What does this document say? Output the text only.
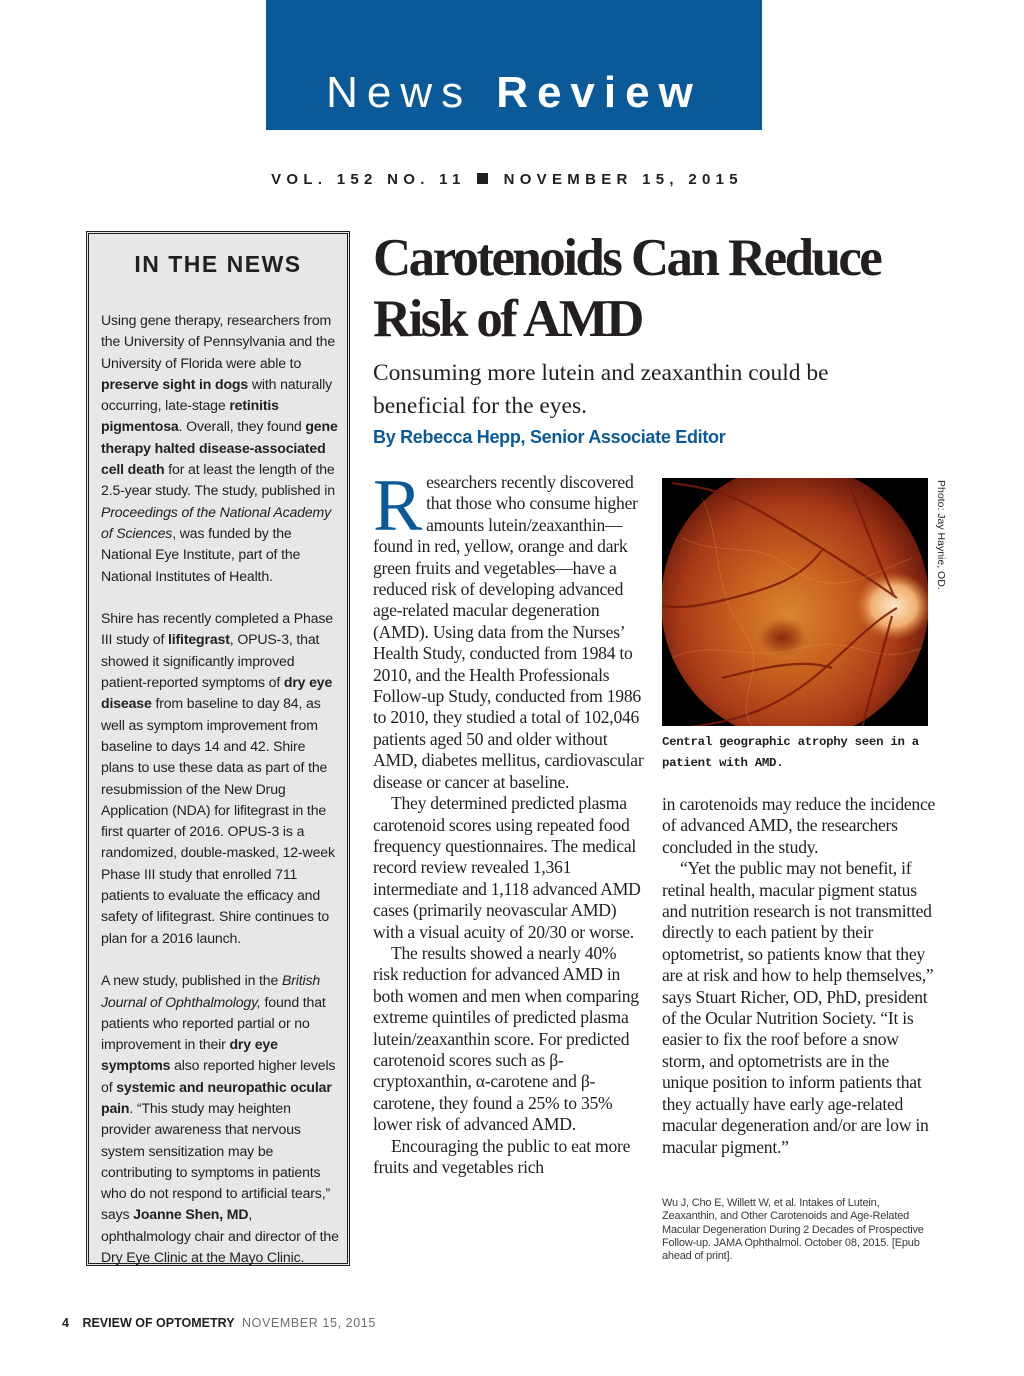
News Review
VOL. 152 NO. 11	NOVEMBER 15, 2015
IN THE NEWS

Using gene therapy, researchers from the University of Pennsylvania and the University of Florida were able to preserve sight in dogs with naturally occurring, late-stage retinitis pigmentosa. Overall, they found gene therapy halted disease-associated cell death for at least the length of the 2.5-year study. The study, published in Proceedings of the National Academy of Sciences, was funded by the National Eye Institute, part of the National Institutes of Health.

Shire has recently completed a Phase III study of lifitegrast, OPUS-3, that showed it significantly improved patient-reported symptoms of dry eye disease from baseline to day 84, as well as symptom improvement from baseline to days 14 and 42. Shire plans to use these data as part of the resubmission of the New Drug Application (NDA) for lifitegrast in the first quarter of 2016. OPUS-3 is a randomized, double-masked, 12-week Phase III study that enrolled 711 patients to evaluate the efficacy and safety of lifitegrast. Shire continues to plan for a 2016 launch.

A new study, published in the British Journal of Ophthalmology, found that patients who reported partial or no improvement in their dry eye symptoms also reported higher levels of systemic and neuropathic ocular pain. “This study may heighten provider awareness that nervous system sensitization may be contributing to symptoms in patients who do not respond to artificial tears,” says Joanne Shen, MD, ophthalmology chair and director of the Dry Eye Clinic at the Mayo Clinic.

Carotenoids Can Reduce
Risk of AMD

Consuming more lutein and zeaxanthin could be
beneficial for the eyes.

By Rebecca Hepp, Senior Associate Editor

Researchers recently discovered that those who consume higher amounts lutein/zeaxanthin—found in red, yellow, orange and dark green fruits and vegetables—have a reduced risk of developing advanced age-related macular degeneration (AMD). Using data from the Nurses’ Health Study, conducted from 1984 to 2010, and the Health Professionals Follow-up Study, conducted from 1986 to 2010, they studied a total of 102,046 patients aged 50 and older without AMD, diabetes mellitus, cardiovascular disease or cancer at baseline.

They determined predicted plasma carotenoid scores using repeated food frequency questionnaires. The medical record review revealed 1,361 intermediate and 1,118 advanced AMD cases (primarily neovascular AMD) with a visual acuity of 20/30 or worse.

The results showed a nearly 40% risk reduction for advanced AMD in both women and men when comparing extreme quintiles of predicted plasma lutein/zeaxanthin score. For predicted carotenoid scores such as β-cryptoxanthin, α-carotene and β-carotene, they found a 25% to 35% lower risk of advanced AMD.

Encouraging the public to eat more fruits and vegetables rich

Photo: Jay Haynie, OD.
Central geographic atrophy seen in a patient with AMD.

in carotenoids may reduce the incidence of advanced AMD, the researchers concluded in the study.

“Yet the public may not benefit, if retinal health, macular pigment status and nutrition research is not transmitted directly to each patient by their optometrist, so patients know that they are at risk and how to help themselves,” says Stuart Richer, OD, PhD, president of the Ocular Nutrition Society. “It is easier to fix the roof before a snow storm, and optometrists are in the unique position to inform patients that they actually have early age-related macular degeneration and/or are low in macular pigment.”

Wu J, Cho E, Willett W, et al. Intakes of Lutein, Zeaxanthin, and Other Carotenoids and Age-Related Macular Degeneration During 2 Decades of Prospective Follow-up. JAMA Ophthalmol. October 08, 2015. [Epub ahead of print].
4 REVIEW OF OPTOMETRY NOVEMBER 15, 2015
